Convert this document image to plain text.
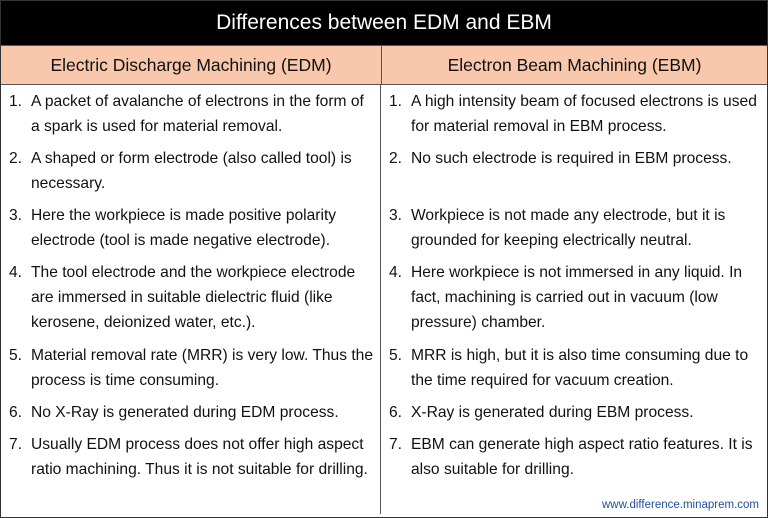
Differences between EDM and EBM
Electric Discharge Machining (EDM)	Electron Beam Machining (EBM)
1. A packet of avalanche of electrons in the form of a spark is used for material removal.
1. A high intensity beam of focused electrons is used for material removal in EBM process.
2. A shaped or form electrode (also called tool) is necessary.
2. No such electrode is required in EBM process.
3. Here the workpiece is made positive polarity electrode (tool is made negative electrode).
3. Workpiece is not made any electrode, but it is grounded for keeping electrically neutral.
4. The tool electrode and the workpiece electrode are immersed in suitable dielectric fluid (like kerosene, deionized water, etc.).
4. Here workpiece is not immersed in any liquid. In fact, machining is carried out in vacuum (low pressure) chamber.
5. Material removal rate (MRR) is very low. Thus the process is time consuming.
5. MRR is high, but it is also time consuming due to the time required for vacuum creation.
6. No X-Ray is generated during EDM process.	6. X-Ray is generated during EBM process.
7. Usually EDM process does not offer high aspect ratio machining. Thus it is not suitable for drilling.
7. EBM can generate high aspect ratio features. It is also suitable for drilling.
www.difference.minaprem.com
